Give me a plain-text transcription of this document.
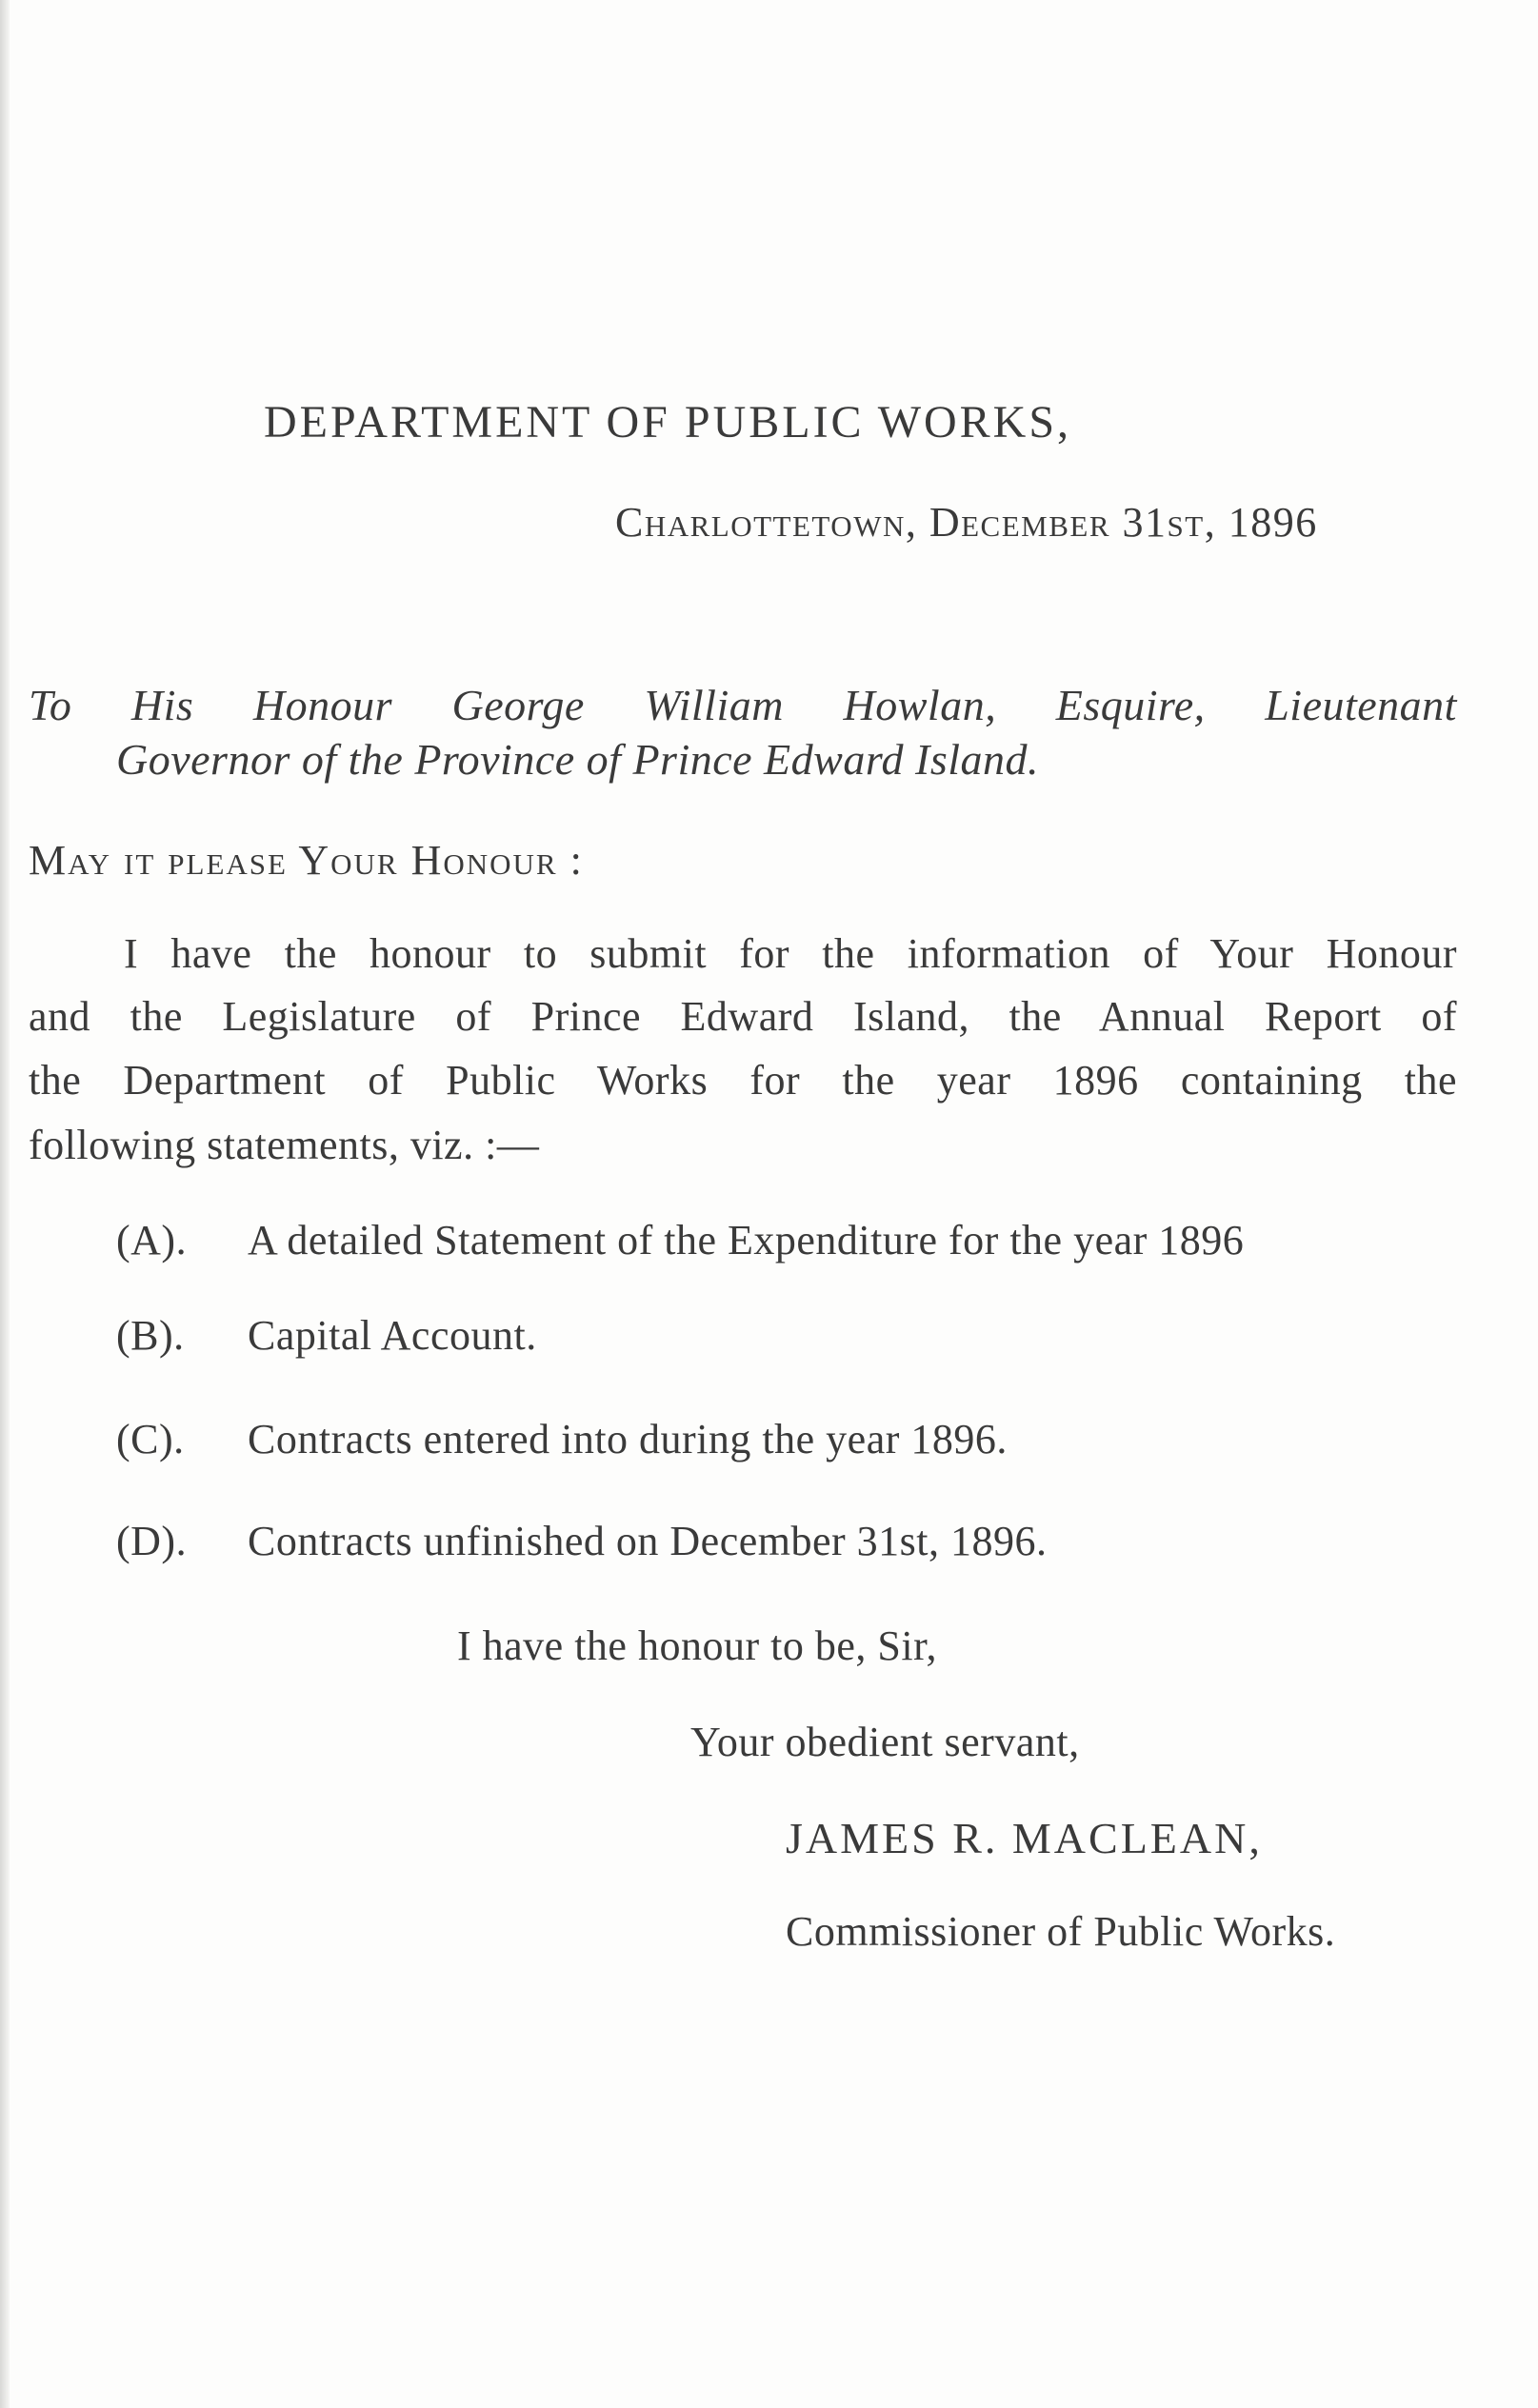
DEPARTMENT OF PUBLIC WORKS,
Charlottetown, December 31st, 1896
To His Honour George William Howlan, Esquire, Lieutenant
Governor of the Province of Prince Edward Island.
May it please Your Honour :
I have the honour to submit for the information of Your Honour
and the Legislature of Prince Edward Island, the Annual Report of
the Department of Public Works for the year 1896 containing the
following statements, viz. :—
(A). A detailed Statement of the Expenditure for the year 1896
(B). Capital Account.
(C). Contracts entered into during the year 1896.
(D). Contracts unfinished on December 31st, 1896.
I have the honour to be, Sir,
Your obedient servant,
JAMES R. MACLEAN,
Commissioner of Public Works.
